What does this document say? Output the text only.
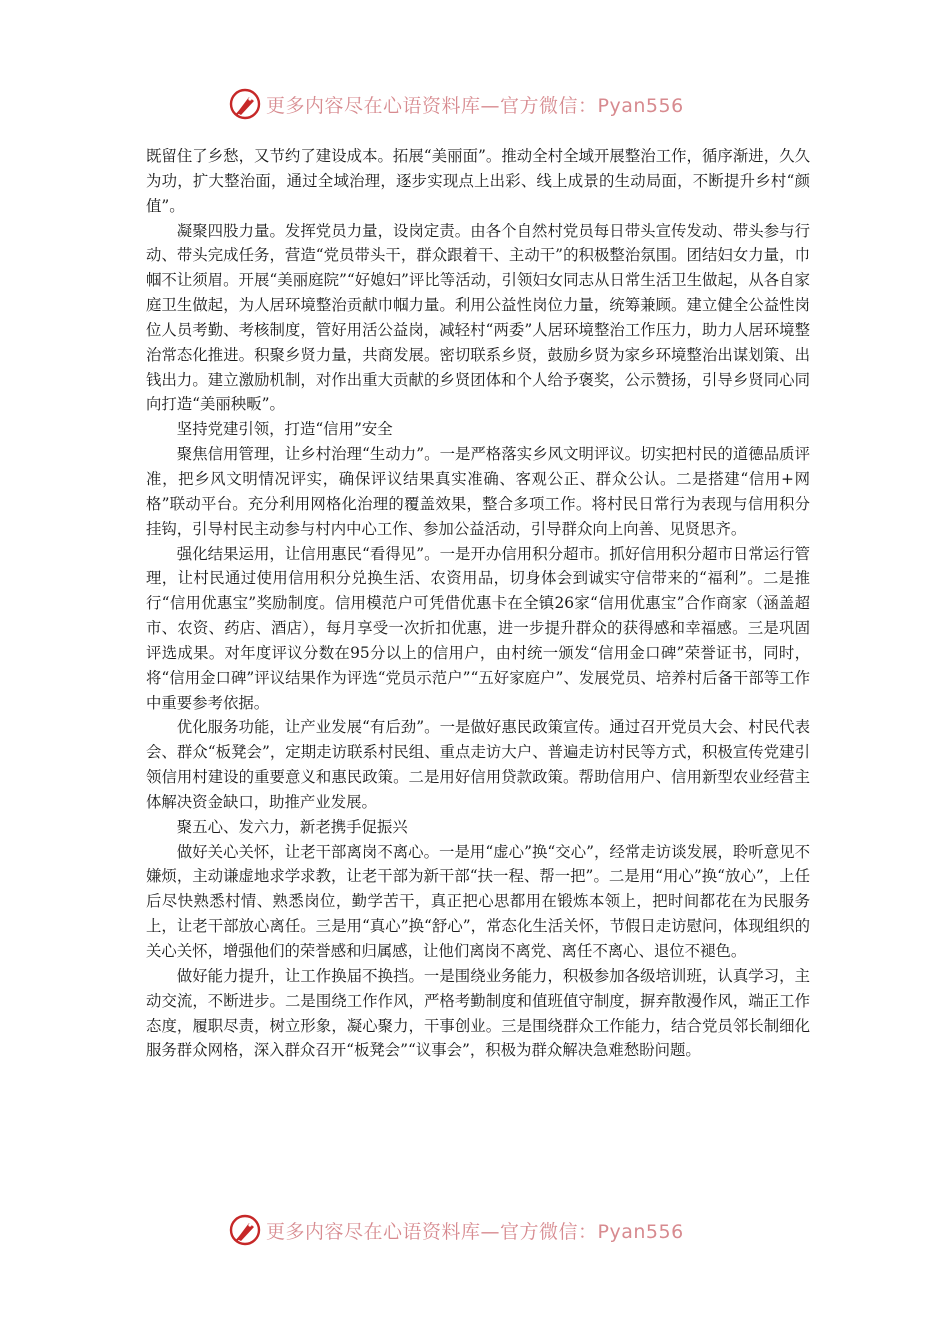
更多内容尽在心语资料库—官方微信：Pyan556

既留住了乡愁，又节约了建设成本。拓展“美丽面”。推动全村全域开展整治工作，循序渐进，久久为功，扩大整治面，通过全域治理，逐步实现点上出彩、线上成景的生动局面，不断提升乡村“颜值”。

凝聚四股力量。发挥党员力量，设岗定责。由各个自然村党员每日带头宣传发动、带头参与行动、带头完成任务，营造“党员带头干，群众跟着干、主动干”的积极整治氛围。团结妇女力量，巾帼不让须眉。开展“美丽庭院”“好媳妇”评比等活动，引领妇女同志从日常生活卫生做起，从各自家庭卫生做起，为人居环境整治贡献巾帼力量。利用公益性岗位力量，统筹兼顾。建立健全公益性岗位人员考勤、考核制度，管好用活公益岗，减轻村“两委”人居环境整治工作压力，助力人居环境整治常态化推进。积聚乡贤力量，共商发展。密切联系乡贤，鼓励乡贤为家乡环境整治出谋划策、出钱出力。建立激励机制，对作出重大贡献的乡贤团体和个人给予褒奖，公示赞扬，引导乡贤同心同向打造“美丽秧畈”。

坚持党建引领，打造“信用”安全

聚焦信用管理，让乡村治理“生动力”。一是严格落实乡风文明评议。切实把村民的道德品质评准，把乡风文明情况评实，确保评议结果真实准确、客观公正、群众公认。二是搭建“信用+网格”联动平台。充分利用网格化治理的覆盖效果，整合多项工作。将村民日常行为表现与信用积分挂钩，引导村民主动参与村内中心工作、参加公益活动，引导群众向上向善、见贤思齐。

强化结果运用，让信用惠民“看得见”。一是开办信用积分超市。抓好信用积分超市日常运行管理，让村民通过使用信用积分兑换生活、农资用品，切身体会到诚实守信带来的“福利”。二是推行“信用优惠宝”奖励制度。信用模范户可凭借优惠卡在全镇26家“信用优惠宝”合作商家（涵盖超市、农资、药店、酒店），每月享受一次折扣优惠，进一步提升群众的获得感和幸福感。三是巩固评选成果。对年度评议分数在95分以上的信用户，由村统一颁发“信用金口碑”荣誉证书，同时，将“信用金口碑”评议结果作为评选“党员示范户”“五好家庭户”、发展党员、培养村后备干部等工作中重要参考依据。

优化服务功能，让产业发展“有后劲”。一是做好惠民政策宣传。通过召开党员大会、村民代表会、群众“板凳会”，定期走访联系村民组、重点走访大户、普遍走访村民等方式，积极宣传党建引领信用村建设的重要意义和惠民政策。二是用好信用贷款政策。帮助信用户、信用新型农业经营主体解决资金缺口，助推产业发展。

聚五心、发六力，新老携手促振兴

做好关心关怀，让老干部离岗不离心。一是用“虚心”换“交心”，经常走访谈发展，聆听意见不嫌烦，主动谦虚地求学求教，让老干部为新干部“扶一程、帮一把”。二是用“用心”换“放心”，上任后尽快熟悉村情、熟悉岗位，勤学苦干，真正把心思都用在锻炼本领上，把时间都花在为民服务上，让老干部放心离任。三是用“真心”换“舒心”，常态化生活关怀，节假日走访慰问，体现组织的关心关怀，增强他们的荣誉感和归属感，让他们离岗不离党、离任不离心、退位不褪色。

做好能力提升，让工作换届不换挡。一是围绕业务能力，积极参加各级培训班，认真学习，主动交流，不断进步。二是围绕工作作风，严格考勤制度和值班值守制度，摒弃散漫作风，端正工作态度，履职尽责，树立形象，凝心聚力，干事创业。三是围绕群众工作能力，结合党员邻长制细化服务群众网格，深入群众召开“板凳会”“议事会”，积极为群众解决急难愁盼问题。

更多内容尽在心语资料库—官方微信：Pyan556
